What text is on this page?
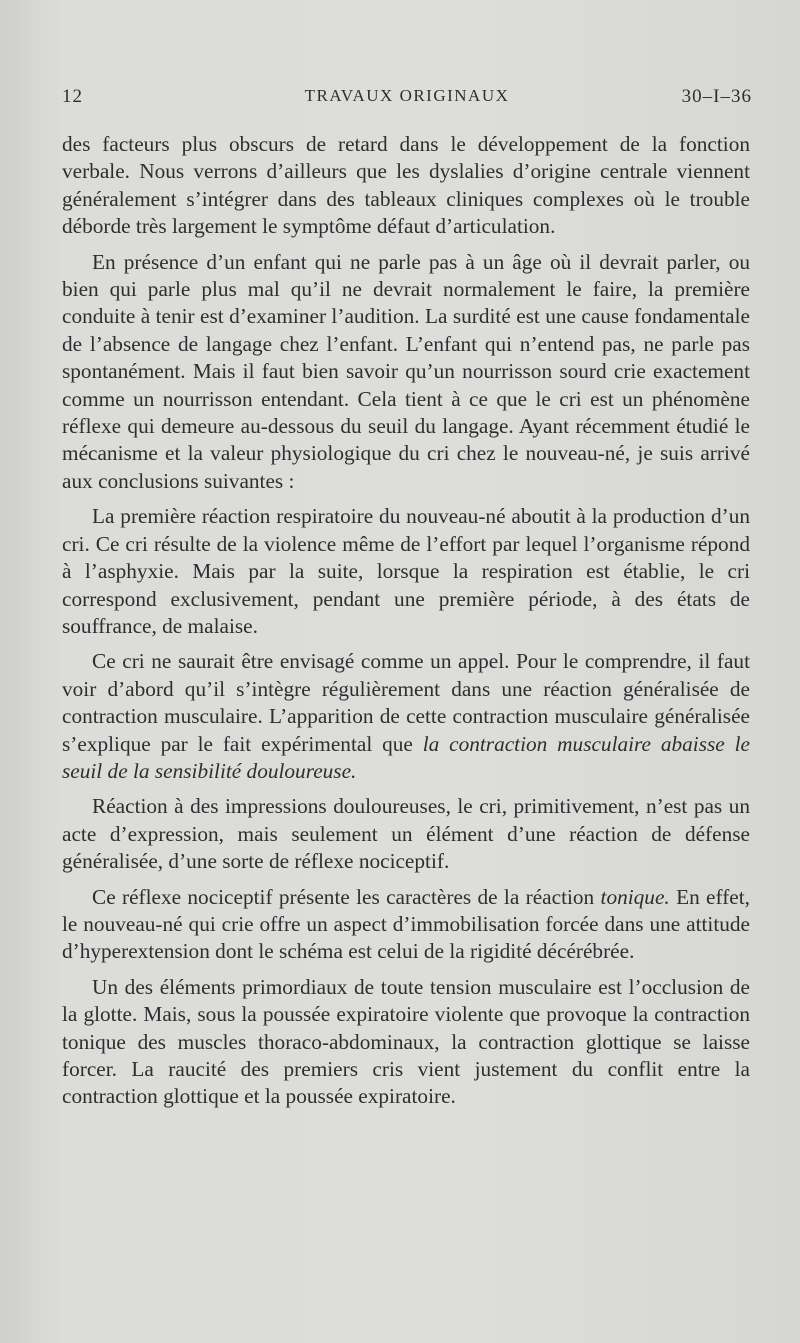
12	TRAVAUX ORIGINAUX	30–I–36

des facteurs plus obscurs de retard dans le développement de la fonction verbale. Nous verrons d’ailleurs que les dyslalies d’origine centrale viennent généralement s’intégrer dans des tableaux cliniques complexes où le trouble déborde très largement le symptôme défaut d’articulation.

En présence d’un enfant qui ne parle pas à un âge où il devrait parler, ou bien qui parle plus mal qu’il ne devrait normalement le faire, la première conduite à tenir est d’examiner l’audition. La surdité est une cause fondamentale de l’absence de langage chez l’enfant. L’enfant qui n’entend pas, ne parle pas spontanément. Mais il faut bien savoir qu’un nourrisson sourd crie exactement comme un nourrisson entendant. Cela tient à ce que le cri est un phénomène réflexe qui demeure au-dessous du seuil du langage. Ayant récemment étudié le mécanisme et la valeur physiologique du cri chez le nouveau-né, je suis arrivé aux conclusions suivantes :

La première réaction respiratoire du nouveau-né aboutit à la production d’un cri. Ce cri résulte de la violence même de l’effort par lequel l’organisme répond à l’asphyxie. Mais par la suite, lorsque la respiration est établie, le cri correspond exclusivement, pendant une première période, à des états de souffrance, de malaise.

Ce cri ne saurait être envisagé comme un appel. Pour le comprendre, il faut voir d’abord qu’il s’intègre régulièrement dans une réaction généralisée de contraction musculaire. L’apparition de cette contraction musculaire généralisée s’explique par le fait expérimental que la contraction musculaire abaisse le seuil de la sensibilité douloureuse.

Réaction à des impressions douloureuses, le cri, primitivement, n’est pas un acte d’expression, mais seulement un élément d’une réaction de défense généralisée, d’une sorte de réflexe nociceptif.

Ce réflexe nociceptif présente les caractères de la réaction tonique. En effet, le nouveau-né qui crie offre un aspect d’immobilisation forcée dans une attitude d’hyperextension dont le schéma est celui de la rigidité décérébrée.

Un des éléments primordiaux de toute tension musculaire est l’occlusion de la glotte. Mais, sous la poussée expiratoire violente que provoque la contraction tonique des muscles thoraco-abdominaux, la contraction glottique se laisse forcer. La raucité des premiers cris vient justement du conflit entre la contraction glottique et la poussée expiratoire.
